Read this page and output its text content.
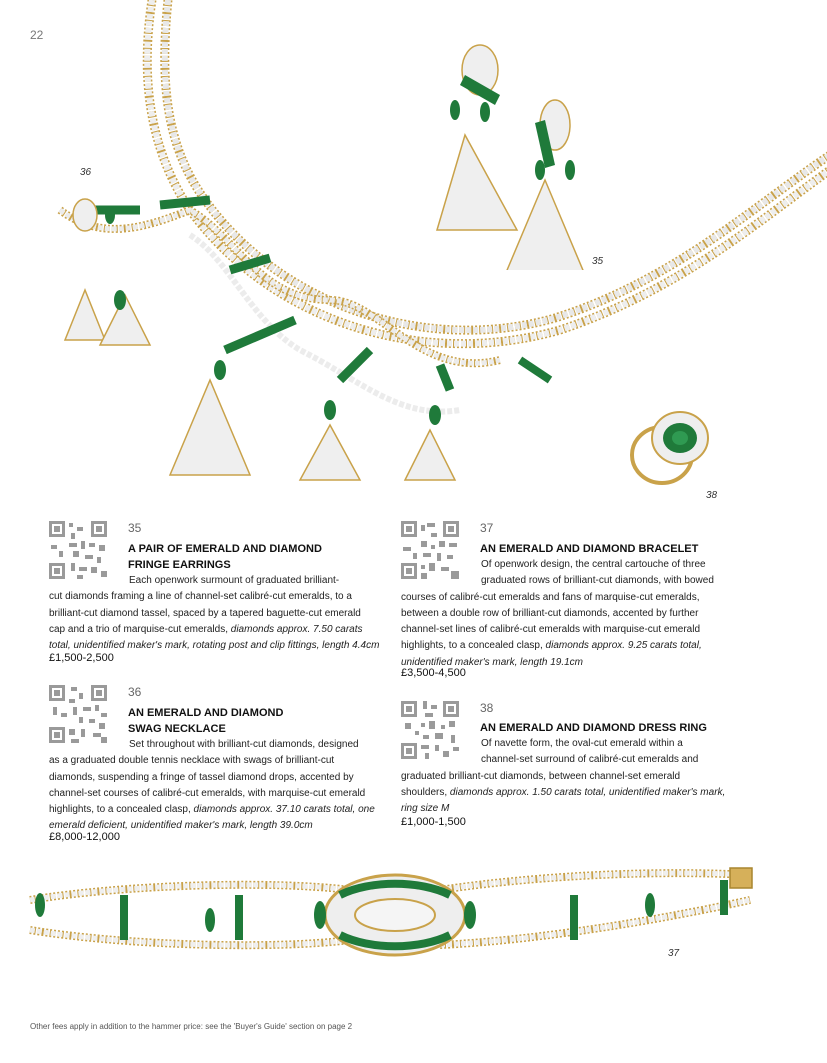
22
36
35
38
35
A PAIR OF EMERALD AND DIAMOND
FRINGE EARRINGS
Each openwork surmount of graduated brilliant-
cut diamonds framing a line of channel-set calibré-cut emeralds, to a
brilliant-cut diamond tassel, spaced by a tapered baguette-cut emerald
cap and a trio of marquise-cut emeralds, diamonds approx. 7.50 carats
total, unidentified maker's mark, rotating post and clip fittings, length 4.4cm
£1,500-2,500
36
AN EMERALD AND DIAMOND
SWAG NECKLACE
Set throughout with brilliant-cut diamonds, designed
as a graduated double tennis necklace with swags of brilliant-cut
diamonds, suspending a fringe of tassel diamond drops, accented by
channel-set courses of calibré-cut emeralds, with marquise-cut emerald
highlights, to a concealed clasp, diamonds approx. 37.10 carats total, one
emerald deficient, unidentified maker's mark, length 39.0cm
£8,000-12,000
37
AN EMERALD AND DIAMOND BRACELET
Of openwork design, the central cartouche of three
graduated rows of brilliant-cut diamonds, with bowed
courses of calibré-cut emeralds and fans of marquise-cut emeralds,
between a double row of brilliant-cut diamonds, accented by further
channel-set lines of calibré-cut emeralds with marquise-cut emerald
highlights, to a concealed clasp, diamonds approx. 9.25 carats total,
unidentified maker's mark, length 19.1cm
£3,500-4,500
38
AN EMERALD AND DIAMOND DRESS RING
Of navette form, the oval-cut emerald within a
channel-set surround of calibré-cut emeralds and
graduated brilliant-cut diamonds, between channel-set emerald
shoulders, diamonds approx. 1.50 carats total, unidentified maker's mark,
ring size M
£1,000-1,500
37
Other fees apply in addition to the hammer price: see the 'Buyer's Guide' section on page 2
